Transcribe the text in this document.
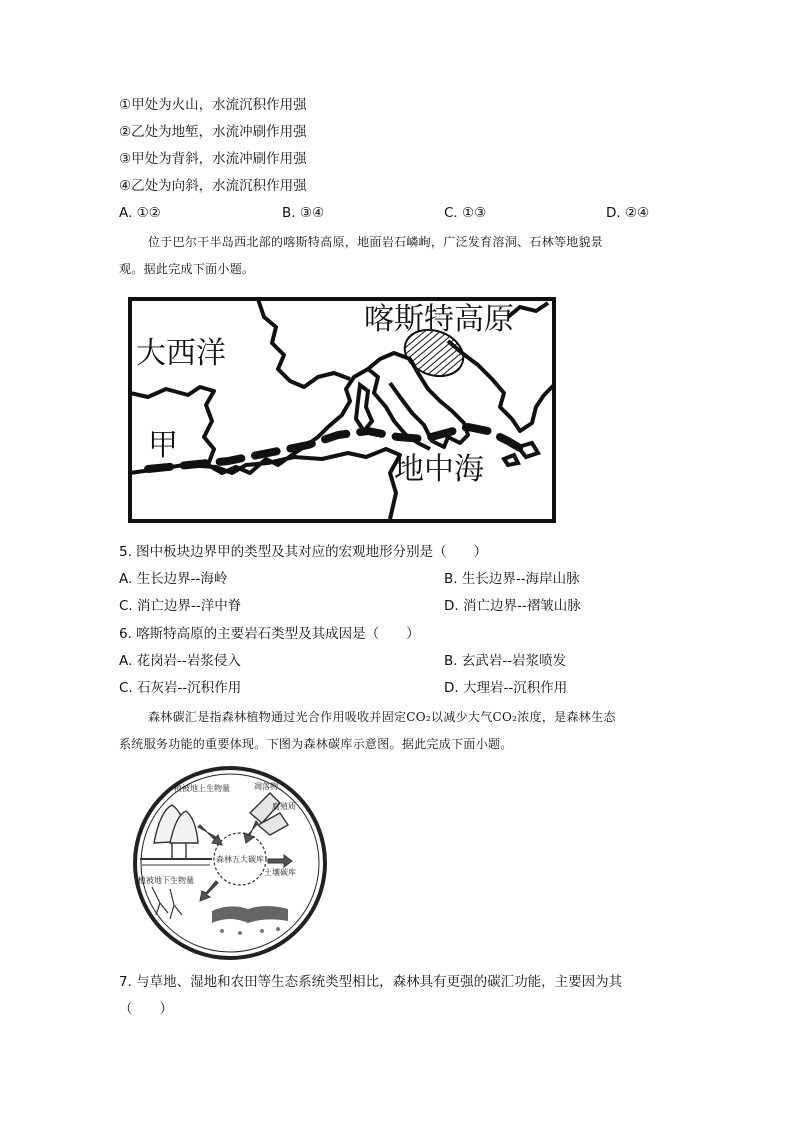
①甲处为火山，水流沉积作用强
②乙处为地堑，水流冲刷作用强
③甲处为背斜，水流冲刷作用强
④乙处为向斜，水流沉积作用强
A. ①②	B. ③④	C. ①③	D. ②④
位于巴尔干半岛西北部的喀斯特高原，地面岩石嶙峋，广泛发育溶洞、石林等地貌景
观。据此完成下面小题。
喀斯特高原
大西洋
甲
地中海
5. 图中板块边界甲的类型及其对应的宏观地形分别是（　　）
A. 生长边界--海岭	B. 生长边界--海岸山脉
C. 消亡边界--洋中脊	D. 消亡边界--褶皱山脉
6. 喀斯特高原的主要岩石类型及其成因是（　　）
A. 花岗岩--岩浆侵入	B. 玄武岩--岩浆喷发
C. 石灰岩--沉积作用	D. 大理岩--沉积作用
森林碳汇是指森林植物通过光合作用吸收并固定CO₂以减少大气CO₂浓度，是森林生态
系统服务功能的重要体现。下图为森林碳库示意图。据此完成下面小题。
植被地上生物量	凋落物
腐殖质
森林五大碳库
土壤碳库
植被地下生物量
7. 与草地、湿地和农田等生态系统类型相比，森林具有更强的碳汇功能，主要因为其
（　　）
